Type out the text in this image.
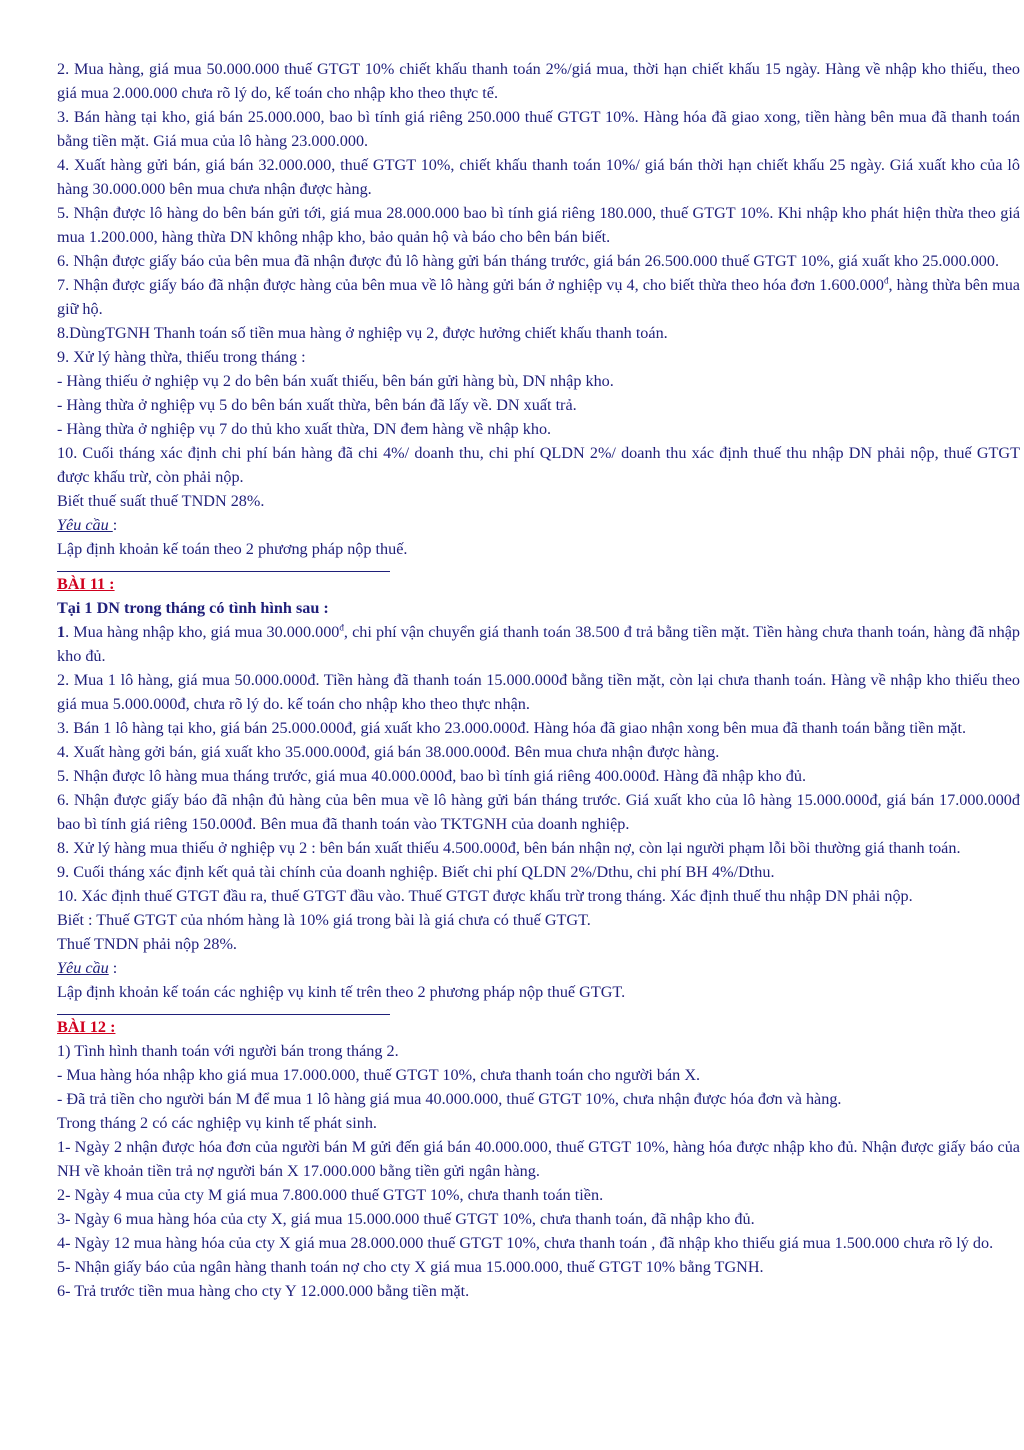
2. Mua hàng, giá mua 50.000.000 thuế GTGT 10% chiết khấu thanh toán 2%/giá mua, thời hạn chiết khấu 15 ngày. Hàng về nhập kho thiếu, theo giá mua 2.000.000 chưa rõ lý do, kế toán cho nhập kho theo thực tế.

3. Bán hàng tại kho, giá bán 25.000.000, bao bì tính giá riêng 250.000 thuế GTGT 10%. Hàng hóa đã giao xong, tiền hàng bên mua đã thanh toán bằng tiền mặt. Giá mua của lô hàng 23.000.000.

4. Xuất hàng gửi bán, giá bán 32.000.000, thuế GTGT 10%, chiết khấu thanh toán 10%/ giá bán thời hạn chiết khấu 25 ngày. Giá xuất kho của lô hàng 30.000.000 bên mua chưa nhận được hàng.

5. Nhận được lô hàng do bên bán gửi tới, giá mua 28.000.000 bao bì tính giá riêng 180.000, thuế GTGT 10%. Khi nhập kho phát hiện thừa theo giá mua 1.200.000, hàng thừa DN không nhập kho, bảo quản hộ và báo cho bên bán biết.

6. Nhận được giấy báo của bên mua đã nhận được đủ lô hàng gửi bán tháng trước, giá bán 26.500.000 thuế GTGT 10%, giá xuất kho 25.000.000.

7. Nhận được giấy báo đã nhận được hàng của bên mua về lô hàng gửi bán ở nghiệp vụ 4, cho biết thừa theo hóa đơn $1.600.000^đ$, hàng thừa bên mua giữ hộ.

8.DùngTGNH Thanh toán số tiền mua hàng ở nghiệp vụ 2, được hưởng chiết khấu thanh toán.

9. Xử lý hàng thừa, thiếu trong tháng :

- Hàng thiếu ở nghiệp vụ 2 do bên bán xuất thiếu, bên bán gửi hàng bù, DN nhập kho.

- Hàng thừa ở nghiệp vụ 5 do bên bán xuất thừa, bên bán đã lấy về. DN xuất trả.

- Hàng thừa ở nghiệp vụ 7 do thủ kho xuất thừa, DN đem hàng về nhập kho.

10. Cuối tháng xác định chi phí bán hàng đã chi 4%/ doanh thu, chi phí QLDN 2%/ doanh thu xác định thuế thu nhập DN phải nộp, thuế GTGT được khấu trừ, còn phải nộp.

Biết thuế suất thuế TNDN 28%.

Yêu cầu :

Lập định khoản kế toán theo 2 phương pháp nộp thuế.

BÀI 11 :

Tại 1 DN trong tháng có tình hình sau :

1. Mua hàng nhập kho, giá mua $30.000.000^đ$, chi phí vận chuyển giá thanh toán 38.500 đ trả bằng tiền mặt. Tiền hàng chưa thanh toán, hàng đã nhập kho đủ.

2. Mua 1 lô hàng, giá mua 50.000.000đ. Tiền hàng đã thanh toán 15.000.000đ bằng tiền mặt, còn lại chưa thanh toán. Hàng về nhập kho thiếu theo giá mua 5.000.000đ, chưa rõ lý do. kế toán cho nhập kho theo thực nhận.

3. Bán 1 lô hàng tại kho, giá bán 25.000.000đ, giá xuất kho 23.000.000đ. Hàng hóa đã giao nhận xong bên mua đã thanh toán bằng tiền mặt.

4. Xuất hàng gởi bán, giá xuất kho 35.000.000đ, giá bán 38.000.000đ. Bên mua chưa nhận được hàng.

5. Nhận được lô hàng mua tháng trước, giá mua 40.000.000đ, bao bì tính giá riêng 400.000đ. Hàng đã nhập kho đủ.

6. Nhận được giấy báo đã nhận đủ hàng của bên mua về lô hàng gửi bán tháng trước. Giá xuất kho của lô hàng 15.000.000đ, giá bán 17.000.000đ bao bì tính giá riêng 150.000đ. Bên mua đã thanh toán vào TKTGNH của doanh nghiệp.

8. Xử lý hàng mua thiếu ở nghiệp vụ 2 : bên bán xuất thiếu 4.500.000đ, bên bán nhận nợ, còn lại người phạm lỗi bồi thường giá thanh toán.

9. Cuối tháng xác định kết quả tài chính của doanh nghiệp. Biết chi phí QLDN 2%/Dthu, chi phí BH 4%/Dthu.

10. Xác định thuế GTGT đầu ra, thuế GTGT đầu vào. Thuế GTGT được khấu trừ trong tháng. Xác định thuế thu nhập DN phải nộp.

Biết : Thuế GTGT của nhóm hàng là 10% giá trong bài là giá chưa có thuế GTGT.

Thuế TNDN phải nộp 28%.

Yêu cầu :

Lập định khoản kế toán các nghiệp vụ kinh tế trên theo 2 phương pháp nộp thuế GTGT.

BÀI 12 :

1) Tình hình thanh toán với người bán trong tháng 2.

- Mua hàng hóa nhập kho giá mua 17.000.000, thuế GTGT 10%, chưa thanh toán cho người bán X.

- Đã trả tiền cho người bán M để mua 1 lô hàng giá mua 40.000.000, thuế GTGT 10%, chưa nhận được hóa đơn và hàng.

Trong tháng 2 có các nghiệp vụ kinh tế phát sinh.

1- Ngày 2 nhận được hóa đơn của người bán M gửi đến giá bán 40.000.000, thuế GTGT 10%, hàng hóa được nhập kho đủ. Nhận được giấy báo của NH về khoản tiền trả nợ người bán X 17.000.000 bằng tiền gửi ngân hàng.

2- Ngày 4 mua của cty M giá mua 7.800.000 thuế GTGT 10%, chưa thanh toán tiền.

3- Ngày 6 mua hàng hóa của cty X, giá mua 15.000.000 thuế GTGT 10%, chưa thanh toán, đã nhập kho đủ.

4- Ngày 12 mua hàng hóa của cty X giá mua 28.000.000 thuế GTGT 10%, chưa thanh toán , đã nhập kho thiếu giá mua 1.500.000 chưa rõ lý do.

5- Nhận giấy báo của ngân hàng thanh toán nợ cho cty X giá mua 15.000.000, thuế GTGT 10% bằng TGNH.

6- Trả trước tiền mua hàng cho cty Y 12.000.000 bằng tiền mặt.
